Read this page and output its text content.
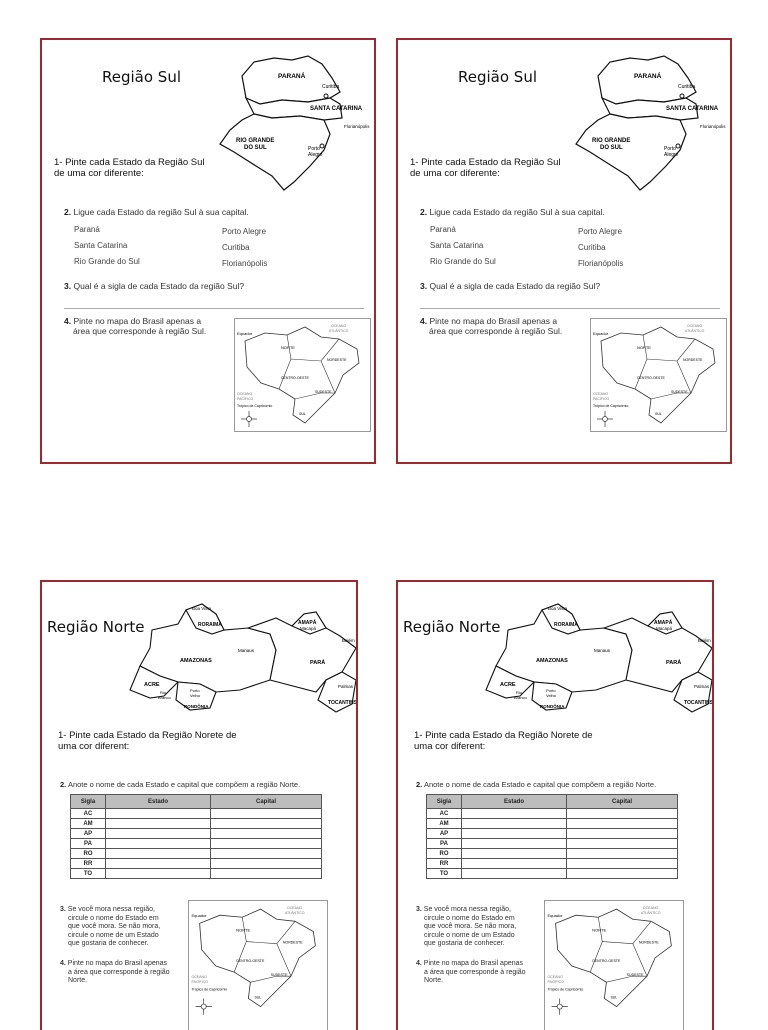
Região Sul	PARANÁ
Curitiba
SANTA CATARINA
Florianópolis
RIO GRANDE
DO SUL	Porto
Alegre
1- Pinte cada Estado da Região Sul
de uma cor diferente:
2. Ligue cada Estado da região Sul à sua capital.
Paraná
Santa Catarina
Rio Grande do Sul
Porto Alegre
Curitiba
Florianópolis
3. Qual é a sigla de cada Estado da região Sul?
4. Pinte no mapa do Brasil apenas a
área que corresponde à região Sul.	Equador
NORTE
NORDESTE
CENTRO-OESTE
SUDESTE
SUL
OCEANO
ATLÂNTICO
OCEANO
PACÍFICO
Trópico de Capricórnio
Região Sul	PARANÁ
Curitiba
SANTA CATARINA
Florianópolis
RIO GRANDE
DO SUL	Porto
Alegre
1- Pinte cada Estado da Região Sul
de uma cor diferente:
2. Ligue cada Estado da região Sul à sua capital.
Paraná
Santa Catarina
Rio Grande do Sul
Porto Alegre
Curitiba
Florianópolis
3. Qual é a sigla de cada Estado da região Sul?
4. Pinte no mapa do Brasil apenas a
área que corresponde à região Sul.	Equador
NORTE
NORDESTE
CENTRO-OESTE
SUDESTE
SUL
OCEANO
ATLÂNTICO
OCEANO
PACÍFICO
Trópico de Capricórnio
Região Norte
Boa Vista
RORAIMA	AMAPÁ
Macapá
AMAZONAS
Manaus
PARÁ
Belém
ACRE
Rio
Branco
Porto
Velho
RONDÔNIA
Palmas
TOCANTINS
1- Pinte cada Estado da Região Norete de
uma cor diferent:
2. Anote o nome de cada Estado e capital que compõem a região Norte.
Sigla	Estado	Capital
AC		
AM		
AP		
PA		
RO		
RR		
TO		
3. Se você mora nessa região,
circule o nome do Estado em
que você mora. Se não mora,
circule o nome de um Estado
que gostaria de conhecer.
4. Pinte no mapa do Brasil apenas
a área que corresponde à região
Norte.
Equador
NORTE
NORDESTE
CENTRO-OESTE
SUDESTE
SUL
OCEANO
ATLÂNTICO
OCEANO
PACÍFICO
Trópico de Capricórnio
Região Norte
Boa Vista
RORAIMA	AMAPÁ
Macapá
AMAZONAS
Manaus
PARÁ
Belém
ACRE
Rio
Branco
Porto
Velho
RONDÔNIA
Palmas
TOCANTINS
1- Pinte cada Estado da Região Norete de
uma cor diferent:
2. Anote o nome de cada Estado e capital que compõem a região Norte.
Sigla	Estado	Capital
AC		
AM		
AP		
PA		
RO		
RR		
TO		
3. Se você mora nessa região,
circule o nome do Estado em
que você mora. Se não mora,
circule o nome de um Estado
que gostaria de conhecer.
4. Pinte no mapa do Brasil apenas
a área que corresponde à região
Norte.
Equador
NORTE
NORDESTE
CENTRO-OESTE
SUDESTE
SUL
OCEANO
ATLÂNTICO
OCEANO
PACÍFICO
Trópico de Capricórnio
